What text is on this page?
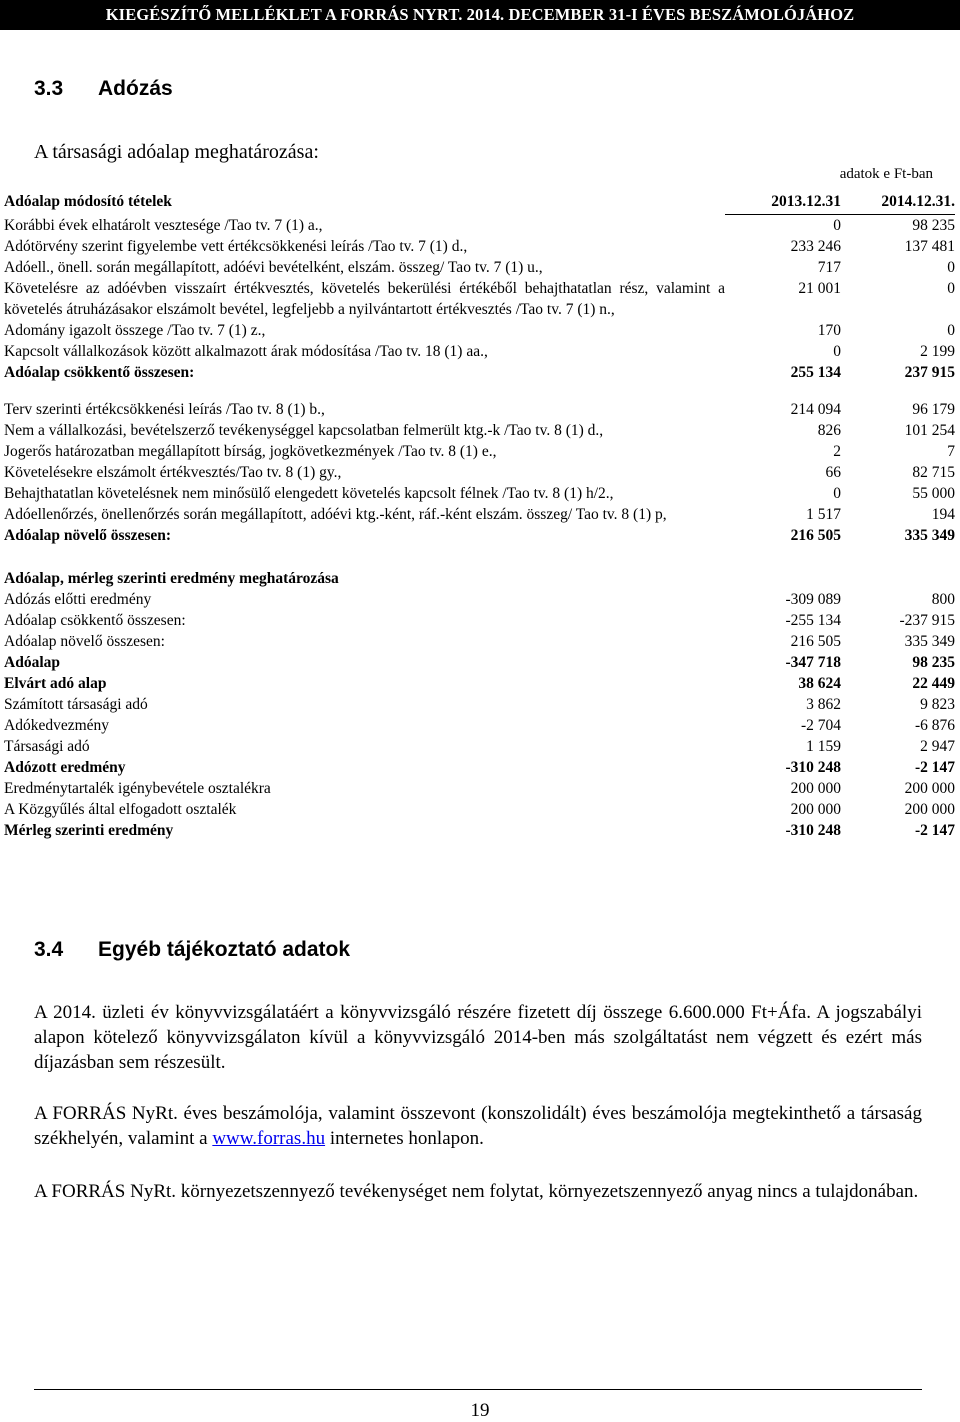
KIEGÉSZÍTŐ MELLÉKLET A FORRÁS NYRT. 2014. DECEMBER 31-I ÉVES BESZÁMOLÓJÁHOZ
3.3 Adózás
A társasági adóalap meghatározása:
adatok e Ft-ban
Adóalap módosító tételek	2013.12.31	2014.12.31.
Korábbi évek elhatárolt vesztesége /Tao tv. 7 (1) a.,	0	98 235
Adótörvény szerint figyelembe vett értékcsökkenési leírás /Tao tv. 7 (1) d.,	233 246	137 481
Adóell., önell. során megállapított, adóévi bevételként, elszám. összeg/ Tao tv. 7 (1) u.,	717	0
Követelésre az adóévben visszaírt értékvesztés, követelés bekerülési értékéből behajthatatlan rész, valamint a követelés átruházásakor elszámolt bevétel, legfeljebb a nyilvántartott értékvesztés /Tao tv. 7 (1) n.,	21 001	0
Adomány igazolt összege /Tao tv. 7 (1) z.,	170	0
Kapcsolt vállalkozások között alkalmazott árak módosítása /Tao tv. 18 (1) aa.,	0	2 199
Adóalap csökkentő összesen:	255 134	237 915

Terv szerinti értékcsökkenési leírás /Tao tv. 8 (1) b.,	214 094	96 179
Nem a vállalkozási, bevételszerző tevékenységgel kapcsolatban felmerült ktg.-k /Tao tv. 8 (1) d.,	826	101 254
Jogerős határozatban megállapított bírság, jogkövetkezmények /Tao tv. 8 (1) e.,	2	7
Követelésekre elszámolt értékvesztés/Tao tv. 8 (1) gy.,	66	82 715
Behajthatatlan követelésnek nem minősülő elengedett követelés kapcsolt félnek /Tao tv. 8 (1) h/2.,	0	55 000
Adóellenőrzés, önellenőrzés során megállapított, adóévi ktg.-ként, ráf.-ként elszám. összeg/ Tao tv. 8 (1) p,	1 517	194
Adóalap növelő összesen:	216 505	335 349

Adóalap, mérleg szerinti eredmény meghatározása		
Adózás előtti eredmény	-309 089	800
Adóalap csökkentő összesen:	-255 134	-237 915
Adóalap növelő összesen:	216 505	335 349
Adóalap	-347 718	98 235
Elvárt adó alap	38 624	22 449
Számított társasági adó	3 862	9 823
Adókedvezmény	-2 704	-6 876
Társasági adó	1 159	2 947
Adózott eredmény	-310 248	-2 147
Eredménytartalék igénybevétele osztalékra	200 000	200 000
A Közgyűlés által elfogadott osztalék	200 000	200 000
Mérleg szerinti eredmény	-310 248	-2 147
3.4 Egyéb tájékoztató adatok
A 2014. üzleti év könyvvizsgálatáért a könyvvizsgáló részére fizetett díj összege 6.600.000 Ft+Áfa. A jogszabályi alapon kötelező könyvvizsgálaton kívül a könyvvizsgáló 2014-ben más szolgáltatást nem végzett és ezért más díjazásban sem részesült.
A FORRÁS NyRt. éves beszámolója, valamint összevont (konszolidált) éves beszámolója megtekinthető a társaság székhelyén, valamint a www.forras.hu internetes honlapon.
A FORRÁS NyRt. környezetszennyező tevékenységet nem folytat, környezetszennyező anyag nincs a tulajdonában.
19
